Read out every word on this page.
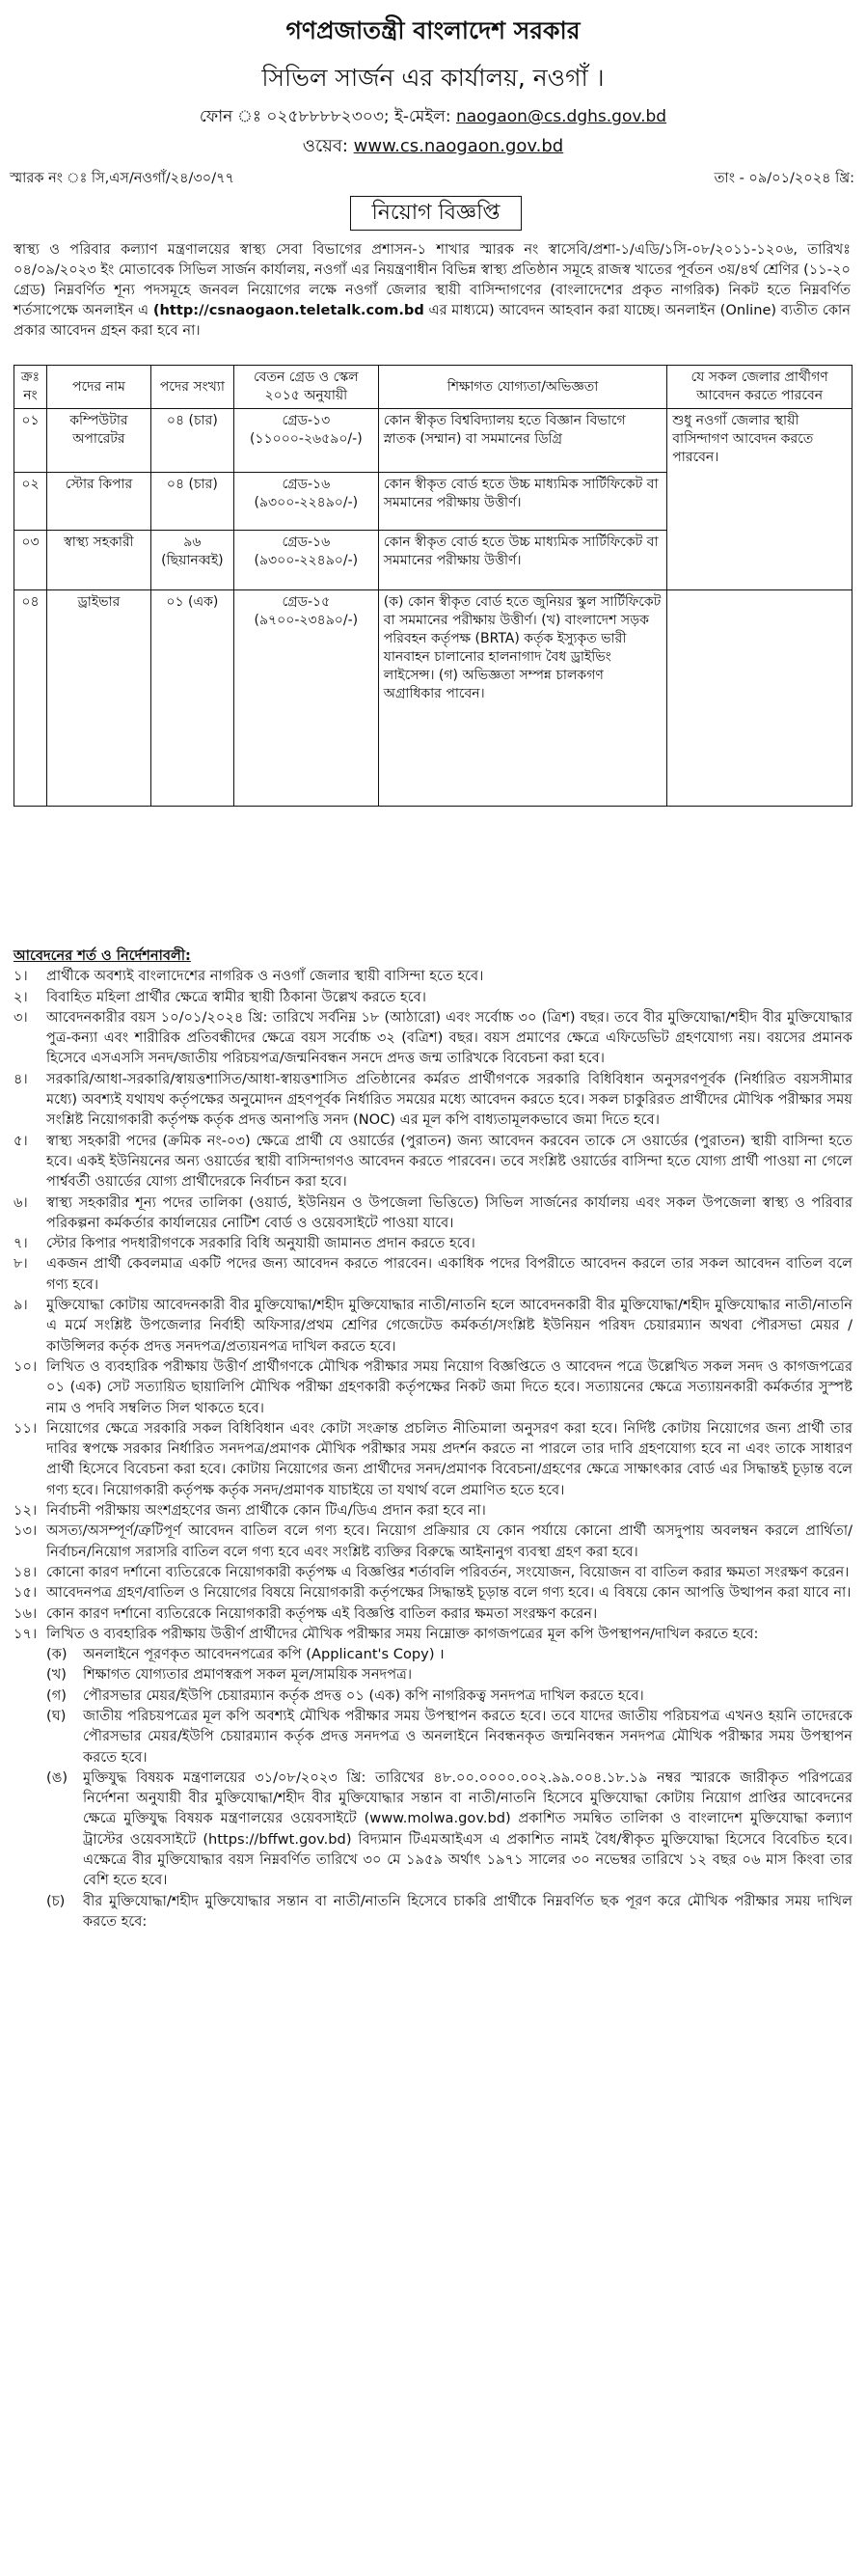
গণপ্রজাতন্ত্রী বাংলাদেশ সরকার
সিভিল সার্জন এর কার্যালয়, নওগাঁ ।
ফোন ঃ ০২৫৮৮৮৮২৩০৩; ই-মেইল: naogaon@cs.dghs.gov.bd
ওয়েব: www.cs.naogaon.gov.bd
স্মারক নং ঃ সি,এস/নওগাঁ/২৪/৩০/৭৭	তাং - ০৯/০১/২০২৪ খ্রি:
নিয়োগ বিজ্ঞপ্তি
স্বাস্থ্য ও পরিবার কল্যাণ মন্ত্রণালয়ের স্বাস্থ্য সেবা বিভাগের প্রশাসন-১ শাখার স্মারক নং স্বাসেবি/প্রশা-১/এডি/১সি-০৮/২০১১-১২০৬, তারিখঃ ০৪/০৯/২০২৩ ইং মোতাবেক সিভিল সার্জন কার্যালয়, নওগাঁ এর নিয়ন্ত্রণাধীন বিভিন্ন স্বাস্থ্য প্রতিষ্ঠান সমূহে রাজস্ব খাতের পূর্বতন ৩য়/৪র্থ শ্রেণির (১১-২০ গ্রেড) নিম্নবর্ণিত শূন্য পদসমূহে জনবল নিয়োগের লক্ষে নওগাঁ জেলার স্থায়ী বাসিন্দাগণের (বাংলাদেশের প্রকৃত নাগরিক) নিকট হতে নিম্নবর্ণিত শর্তসাপেক্ষে অনলাইন এ (http://csnaogaon.teletalk.com.bd এর মাধ্যমে) আবেদন আহবান করা যাচ্ছে। অনলাইন (Online) ব্যতীত কোন প্রকার আবেদন গ্রহন করা হবে না।
ক্রঃ নং	পদের নাম	পদের সংখ্যা	বেতন গ্রেড ও স্কেল ২০১৫ অনুযায়ী	শিক্ষাগত যোগ্যতা/অভিজ্ঞতা	যে সকল জেলার প্রার্থীগণ আবেদন করতে পারবেন
০১	কম্পিউটার অপারেটর	০৪ (চার)	গ্রেড-১৩ (১১০০০-২৬৫৯০/-)	কোন স্বীকৃত বিশ্ববিদ্যালয় হতে বিজ্ঞান বিভাগে স্নাতক (সম্মান) বা সমমানের ডিগ্রি	শুধু নওগাঁ জেলার স্থায়ী বাসিন্দাগণ আবেদন করতে পারবেন।
০২	স্টোর কিপার	০৪ (চার)	গ্রেড-১৬ (৯৩০০-২২৪৯০/-)	কোন স্বীকৃত বোর্ড হতে উচ্চ মাধ্যমিক সার্টিফিকেট বা সমমানের পরীক্ষায় উত্তীর্ণ।	
০৩	স্বাস্থ্য সহকারী	৯৬ (ছিয়ানব্বই)	গ্রেড-১৬ (৯৩০০-২২৪৯০/-)	কোন স্বীকৃত বোর্ড হতে উচ্চ মাধ্যমিক সার্টিফিকেট বা সমমানের পরীক্ষায় উত্তীর্ণ।	
০৪	ড্রাইভার	০১ (এক)	গ্রেড-১৫ (৯৭০০-২৩৪৯০/-)	(ক) কোন স্বীকৃত বোর্ড হতে জুনিয়র স্কুল সার্টিফিকেট বা সমমানের পরীক্ষায় উত্তীর্ণ। (খ) বাংলাদেশ সড়ক পরিবহন কর্তৃপক্ষ (BRTA) কর্তৃক ইস্যুকৃত ভারী যানবাহন চালানোর হালনাগাদ বৈধ ড্রাইভিং লাইসেন্স। (গ) অভিজ্ঞতা সম্পন্ন চালকগণ অগ্রাধিকার পাবেন।	
আবেদনের শর্ত ও নির্দেশনাবলী:
১।	প্রার্থীকে অবশ্যই বাংলাদেশের নাগরিক ও নওগাঁ জেলার স্থায়ী বাসিন্দা হতে হবে।
২।	বিবাহিত মহিলা প্রার্থীর ক্ষেত্রে স্বামীর স্থায়ী ঠিকানা উল্লেখ করতে হবে।
৩।	আবেদনকারীর বয়স ১০/০১/২০২৪ খ্রি: তারিখে সর্বনিম্ন ১৮ (আঠারো) এবং সর্বোচ্চ ৩০ (ত্রিশ) বছর। তবে বীর মুক্তিযোদ্ধা/শহীদ বীর মুক্তিযোদ্ধার পুত্র-কন্যা এবং শারীরিক প্রতিবন্ধীদের ক্ষেত্রে বয়স সর্বোচ্চ ৩২ (বত্রিশ) বছর। বয়স প্রমাণের ক্ষেত্রে এফিডেভিট গ্রহণযোগ্য নয়। বয়সের প্রমানক হিসেবে এসএসসি সনদ/জাতীয় পরিচয়পত্র/জন্মনিবন্ধন সনদে প্রদত্ত জন্ম তারিখকে বিবেচনা করা হবে।
৪।	সরকারি/আধা-সরকারি/স্বায়ত্তশাসিত/আধা-স্বায়ত্তশাসিত প্রতিষ্ঠানের কর্মরত প্রার্থীগণকে সরকারি বিধিবিধান অনুসরণপূর্বক (নির্ধারিত বয়সসীমার মধ্যে) অবশ্যই যথাযথ কর্তৃপক্ষের অনুমোদন গ্রহণপূর্বক নির্ধারিত সময়ের মধ্যে আবেদন করতে হবে। সকল চাকুরিরত প্রার্থীদের মৌখিক পরীক্ষার সময় সংশ্লিষ্ট নিয়োগকারী কর্তৃপক্ষ কর্তৃক প্রদত্ত অনাপত্তি সনদ (NOC) এর মূল কপি বাধ্যতামূলকভাবে জমা দিতে হবে।
৫।	স্বাস্থ্য সহকারী পদের (ক্রমিক নং-০৩) ক্ষেত্রে প্রার্থী যে ওয়ার্ডের (পুরাতন) জন্য আবেদন করবেন তাকে সে ওয়ার্ডের (পুরাতন) স্থায়ী বাসিন্দা হতে হবে। একই ইউনিয়নের অন্য ওয়ার্ডের স্থায়ী বাসিন্দাগণও আবেদন করতে পারবেন। তবে সংশ্লিষ্ট ওয়ার্ডের বাসিন্দা হতে যোগ্য প্রার্থী পাওয়া না গেলে পার্শ্ববর্তী ওয়ার্ডের যোগ্য প্রার্থীদেরকে নির্বাচন করা হবে।
৬।	স্বাস্থ্য সহকারীর শূন্য পদের তালিকা (ওয়ার্ড, ইউনিয়ন ও উপজেলা ভিত্তিতে) সিভিল সার্জনের কার্যালয় এবং সকল উপজেলা স্বাস্থ্য ও পরিবার পরিকল্পনা কর্মকর্তার কার্যালয়ের নোটিশ বোর্ড ও ওয়েবসাইটে পাওয়া যাবে।
৭।	স্টোর কিপার পদধারীগণকে সরকারি বিধি অনুযায়ী জামানত প্রদান করতে হবে।
৮।	একজন প্রার্থী কেবলমাত্র একটি পদের জন্য আবেদন করতে পারবেন। একাধিক পদের বিপরীতে আবেদন করলে তার সকল আবেদন বাতিল বলে গণ্য হবে।
৯।	মুক্তিযোদ্ধা কোটায় আবেদনকারী বীর মুক্তিযোদ্ধা/শহীদ মুক্তিযোদ্ধার নাতী/নাতনি হলে আবেদনকারী বীর মুক্তিযোদ্ধা/শহীদ মুক্তিযোদ্ধার নাতী/নাতনি এ মর্মে সংশ্লিষ্ট উপজেলার নির্বাহী অফিসার/প্রথম শ্রেণির গেজেটেড কর্মকর্তা/সংশ্লিষ্ট ইউনিয়ন পরিষদ চেয়ারম্যান অথবা পৌরসভা মেয়র /কাউন্সিলর কর্তৃক প্রদত্ত সনদপত্র/প্রত্যয়নপত্র দাখিল করতে হবে।
১০। লিখিত ও ব্যবহারিক পরীক্ষায় উত্তীর্ণ প্রার্থীগণকে মৌখিক পরীক্ষার সময় নিয়োগ বিজ্ঞপ্তিতে ও আবেদন পত্রে উল্লেখিত সকল সনদ ও কাগজপত্রের ০১ (এক) সেট সত্যায়িত ছায়ালিপি মৌখিক পরীক্ষা গ্রহণকারী কর্তৃপক্ষের নিকট জমা দিতে হবে। সত্যায়নের ক্ষেত্রে সত্যায়নকারী কর্মকর্তার সুস্পষ্ট নাম ও পদবি সম্বলিত সিল থাকতে হবে।
১১। নিয়োগের ক্ষেত্রে সরকারি সকল বিধিবিধান এবং কোটা সংক্রান্ত প্রচলিত নীতিমালা অনুসরণ করা হবে। নির্দিষ্ট কোটায় নিয়োগের জন্য প্রার্থী তার দাবির স্বপক্ষে সরকার নির্ধারিত সনদপত্র/প্রমাণক মৌখিক পরীক্ষার সময় প্রদর্শন করতে না পারলে তার দাবি গ্রহণযোগ্য হবে না এবং তাকে সাধারণ প্রার্থী হিসেবে বিবেচনা করা হবে। কোটায় নিয়োগের জন্য প্রার্থীদের সনদ/প্রমাণক বিবেচনা/গ্রহণের ক্ষেত্রে সাক্ষাৎকার বোর্ড এর সিদ্ধান্তই চূড়ান্ত বলে গণ্য হবে। নিয়োগকারী কর্তৃপক্ষ কর্তৃক সনদ/প্রমাণক যাচাইয়ে তা যথার্থ বলে প্রমাণিত হতে হবে।
১২। নির্বাচনী পরীক্ষায় অংশগ্রহণের জন্য প্রার্থীকে কোন টিএ/ডিএ প্রদান করা হবে না।
১৩। অসত্য/অসম্পূর্ণ/ত্রুটিপূর্ণ আবেদন বাতিল বলে গণ্য হবে। নিয়োগ প্রক্রিয়ার যে কোন পর্যায়ে কোনো প্রার্থী অসদুপায় অবলম্বন করলে প্রার্থিতা/নির্বাচন/নিয়োগ সরাসরি বাতিল বলে গণ্য হবে এবং সংশ্লিষ্ট ব্যক্তির বিরুদ্ধে আইনানুগ ব্যবস্থা গ্রহণ করা হবে।
১৪। কোনো কারণ দর্শানো ব্যতিরেকে নিয়োগকারী কর্তৃপক্ষ এ বিজ্ঞপ্তির শর্তাবলি পরিবর্তন, সংযোজন, বিয়োজন বা বাতিল করার ক্ষমতা সংরক্ষণ করেন।
১৫। আবেদনপত্র গ্রহণ/বাতিল ও নিয়োগের বিষয়ে নিয়োগকারী কর্তৃপক্ষের সিদ্ধান্তই চূড়ান্ত বলে গণ্য হবে। এ বিষয়ে কোন আপত্তি উত্থাপন করা যাবে না।
১৬। কোন কারণ দর্শানো ব্যতিরেকে নিয়োগকারী কর্তৃপক্ষ এই বিজ্ঞপ্তি বাতিল করার ক্ষমতা সংরক্ষণ করেন।
১৭। লিখিত ও ব্যবহারিক পরীক্ষায় উত্তীর্ণ প্রার্থীদের মৌখিক পরীক্ষার সময় নিম্নোক্ত কাগজপত্রের মূল কপি উপস্থাপন/দাখিল করতে হবে:
(ক)	অনলাইনে পূরণকৃত আবেদনপত্রের কপি (Applicant's Copy) ।
(খ)	শিক্ষাগত যোগ্যতার প্রমাণস্বরূপ সকল মূল/সাময়িক সনদপত্র।
(গ)	পৌরসভার মেয়র/ইউপি চেয়ারম্যান কর্তৃক প্রদত্ত ০১ (এক) কপি নাগরিকত্ব সনদপত্র দাখিল করতে হবে।
(ঘ)	জাতীয় পরিচয়পত্রের মূল কপি অবশ্যই মৌখিক পরীক্ষার সময় উপস্থাপন করতে হবে। তবে যাদের জাতীয় পরিচয়পত্র এখনও হয়নি তাদেরকে পৌরসভার মেয়র/ইউপি চেয়ারম্যান কর্তৃক প্রদত্ত সনদপত্র ও অনলাইনে নিবন্ধনকৃত জন্মনিবন্ধন সনদপত্র মৌখিক পরীক্ষার সময় উপস্থাপন করতে হবে।
(ঙ)	মুক্তিযুদ্ধ বিষয়ক মন্ত্রণালয়ের ৩১/০৮/২০২৩ খ্রি: তারিখের ৪৮.০০.০০০০.০০২.৯৯.০০৪.১৮.১৯ নম্বর স্মারকে জারীকৃত পরিপত্রের নির্দেশনা অনুযায়ী বীর মুক্তিযোদ্ধা/শহীদ বীর মুক্তিযোদ্ধার সন্তান বা নাতী/নাতনি হিসেবে মুক্তিযোদ্ধা কোটায় নিয়োগ প্রাপ্তির আবেদনের ক্ষেত্রে মুক্তিযুদ্ধ বিষয়ক মন্ত্রণালয়ের ওয়েবসাইটে (www.molwa.gov.bd) প্রকাশিত সমন্বিত তালিকা ও বাংলাদেশ মুক্তিযোদ্ধা কল্যাণ ট্রাস্টের ওয়েবসাইটে (https://bffwt.gov.bd) বিদ্যমান টিএমআইএস এ প্রকাশিত নামই বৈধ/স্বীকৃত মুক্তিযোদ্ধা হিসেবে বিবেচিত হবে। এক্ষেত্রে বীর মুক্তিযোদ্ধার বয়স নিম্নবর্ণিত তারিখে ৩০ মে ১৯৫৯ অর্থাৎ ১৯৭১ সালের ৩০ নভেম্বর তারিখে ১২ বছর ০৬ মাস কিংবা তার বেশি হতে হবে।
(চ)	বীর মুক্তিযোদ্ধা/শহীদ মুক্তিযোদ্ধার সন্তান বা নাতী/নাতনি হিসেবে চাকরি প্রার্থীকে নিম্নবর্ণিত ছক পূরণ করে মৌখিক পরীক্ষার সময় দাখিল করতে হবে:
